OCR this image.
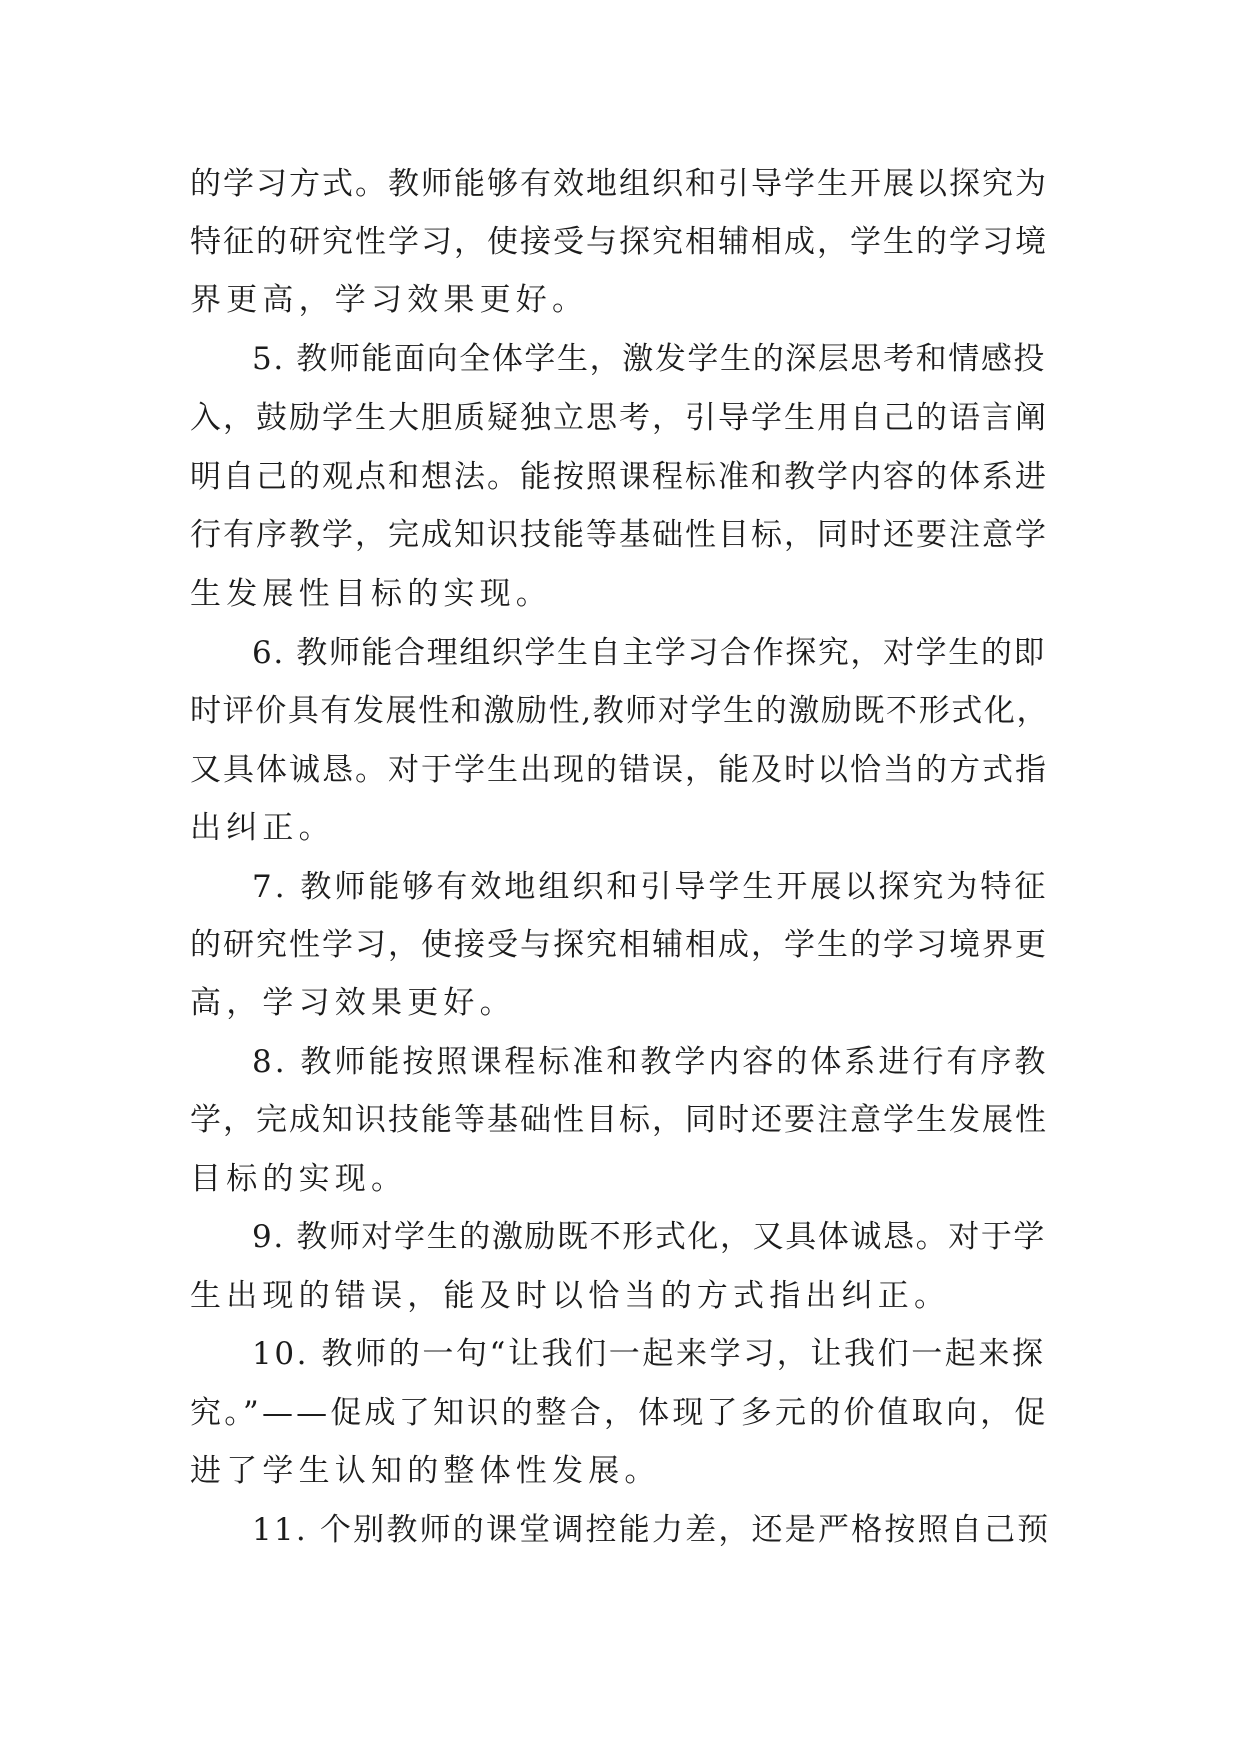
的学习方式。教师能够有效地组织和引导学生开展以探究为
特征的研究性学习，使接受与探究相辅相成，学生的学习境
界更高，学习效果更好。
5. 教师能面向全体学生，激发学生的深层思考和情感投
入，鼓励学生大胆质疑独立思考，引导学生用自己的语言阐
明自己的观点和想法。能按照课程标准和教学内容的体系进
行有序教学，完成知识技能等基础性目标，同时还要注意学
生发展性目标的实现。
6. 教师能合理组织学生自主学习合作探究，对学生的即
时评价具有发展性和激励性,教师对学生的激励既不形式化，
又具体诚恳。对于学生出现的错误，能及时以恰当的方式指
出纠正。
7. 教师能够有效地组织和引导学生开展以探究为特征
的研究性学习，使接受与探究相辅相成，学生的学习境界更
高，学习效果更好。
8. 教师能按照课程标准和教学内容的体系进行有序教
学，完成知识技能等基础性目标，同时还要注意学生发展性
目标的实现。
9. 教师对学生的激励既不形式化，又具体诚恳。对于学
生出现的错误，能及时以恰当的方式指出纠正。
10. 教师的一句“让我们一起来学习，让我们一起来探
究。”——促成了知识的整合，体现了多元的价值取向，促
进了学生认知的整体性发展。
11. 个别教师的课堂调控能力差，还是严格按照自己预
